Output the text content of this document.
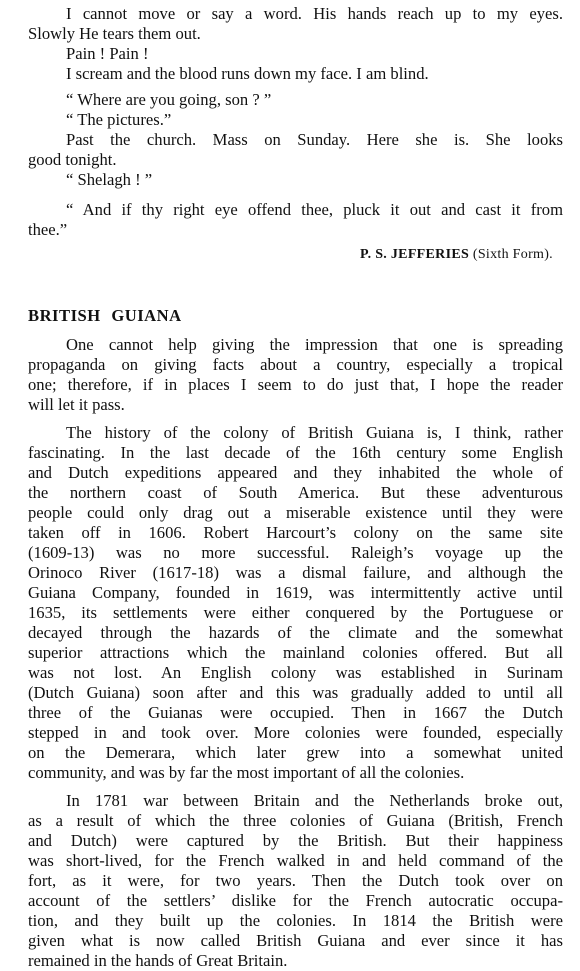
I cannot move or say a word. His hands reach up to my eyes.

Slowly He tears them out.

Pain ! Pain !

I scream and the blood runs down my face. I am blind.

“ Where are you going, son ? ”

“ The pictures.”

Past the church. Mass on Sunday. Here she is. She looks

good tonight.

“ Shelagh ! ”

“ And if thy right eye offend thee, pluck it out and cast it from

thee.”

P. S. JEFFERIES (Sixth Form).
BRITISH GUIANA

One cannot help giving the impression that one is spreading

propaganda on giving facts about a country, especially a tropical

one; therefore, if in places I seem to do just that, I hope the reader

will let it pass.

The history of the colony of British Guiana is, I think, rather

fascinating. In the last decade of the 16th century some English

and Dutch expeditions appeared and they inhabited the whole of

the northern coast of South America. But these adventurous

people could only drag out a miserable existence until they were

taken off in 1606. Robert Harcourt’s colony on the same site

(1609-13) was no more successful. Raleigh’s voyage up the

Orinoco River (1617-18) was a dismal failure, and although the

Guiana Company, founded in 1619, was intermittently active until

1635, its settlements were either conquered by the Portuguese or

decayed through the hazards of the climate and the somewhat

superior attractions which the mainland colonies offered. But all

was not lost. An English colony was established in Surinam

(Dutch Guiana) soon after and this was gradually added to until all

three of the Guianas were occupied. Then in 1667 the Dutch

stepped in and took over. More colonies were founded, especially

on the Demerara, which later grew into a somewhat united

community, and was by far the most important of all the colonies.

In 1781 war between Britain and the Netherlands broke out,

as a result of which the three colonies of Guiana (British, French

and Dutch) were captured by the British. But their happiness

was short-lived, for the French walked in and held command of the

fort, as it were, for two years. Then the Dutch took over on

account of the settlers’ dislike for the French autocratic occupa-

tion, and they built up the colonies. In 1814 the British were

given what is now called British Guiana and ever since it has

remained in the hands of Great Britain.
